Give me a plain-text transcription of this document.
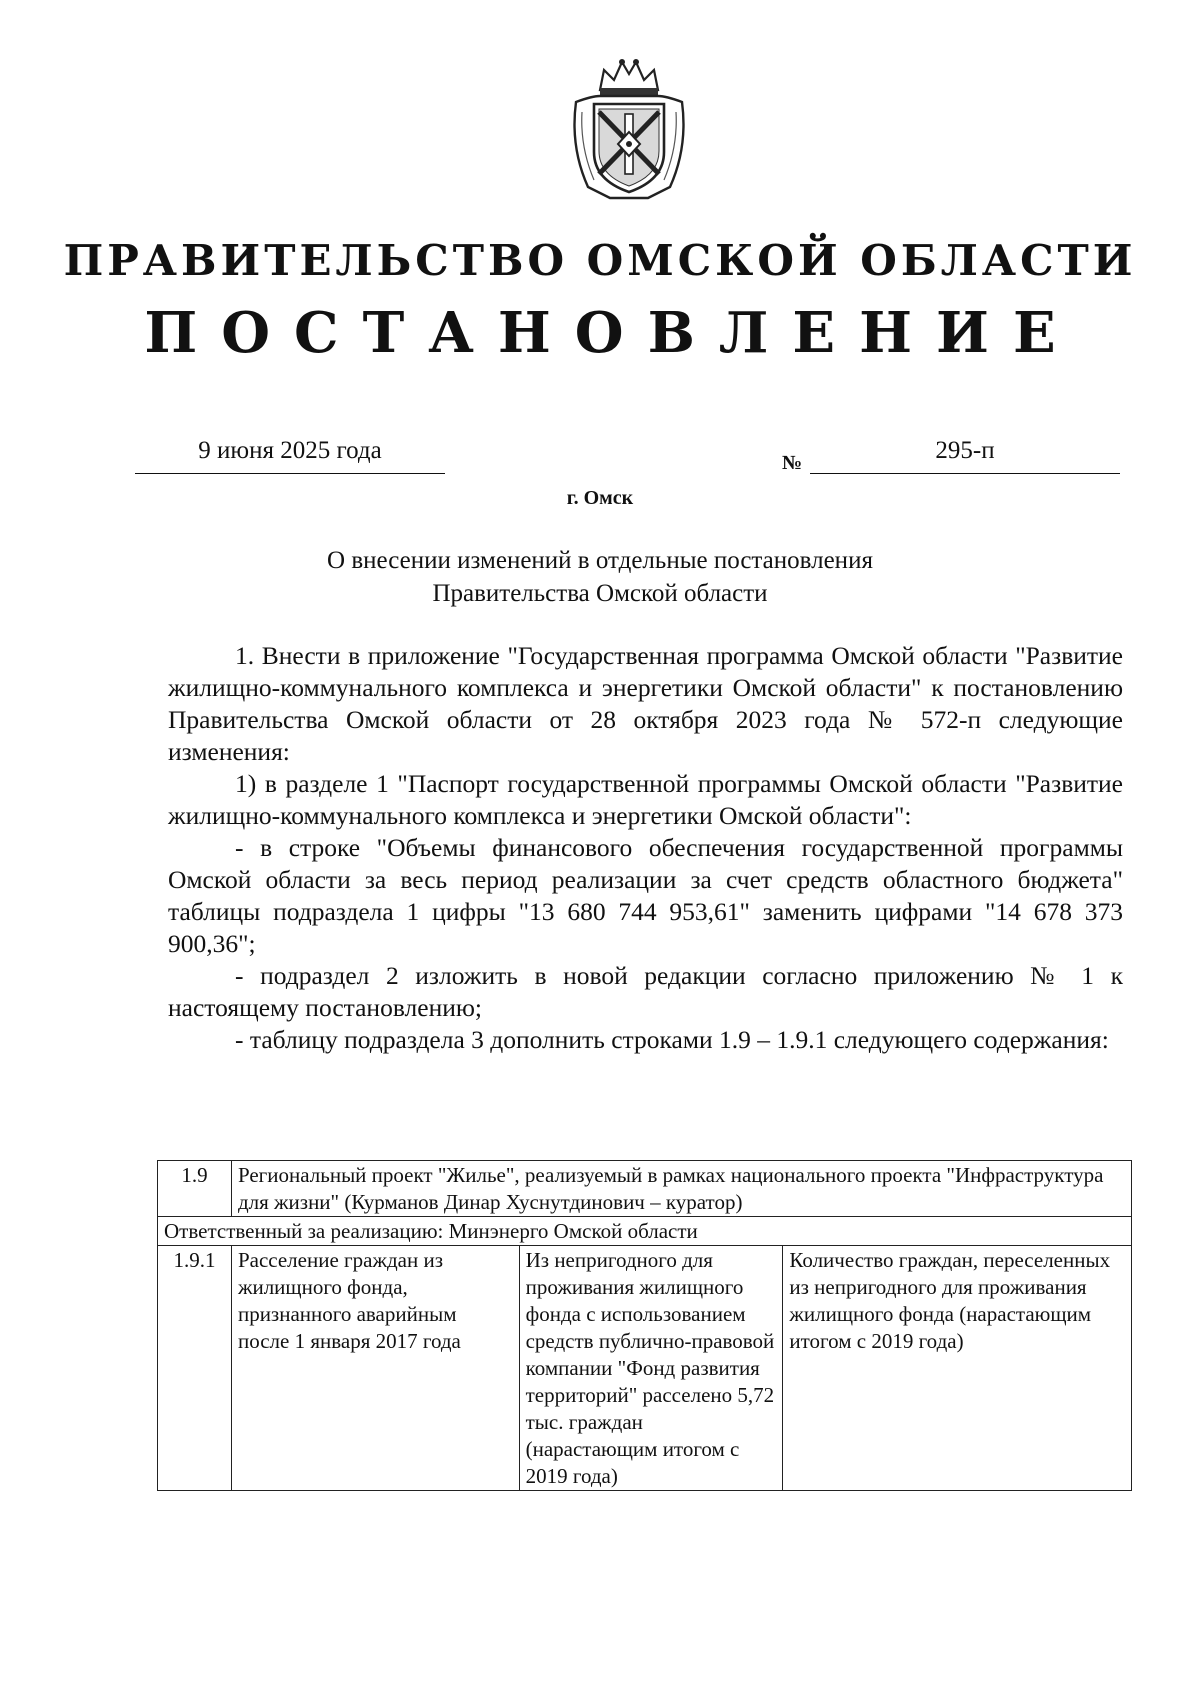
ПРАВИТЕЛЬСТВО ОМСКОЙ ОБЛАСТИ
ПОСТАНОВЛЕНИЕ
9 июня 2025 года	№	295-п
г. Омск
О внесении изменений в отдельные постановления
Правительства Омской области

1. Внести в приложение "Государственная программа Омской области "Развитие жилищно-коммунального комплекса и энергетики Омской области" к постановлению Правительства Омской области от 28 октября 2023 года № 572-п следующие изменения:

1) в разделе 1 "Паспорт государственной программы Омской области "Развитие жилищно-коммунального комплекса и энергетики Омской области":

- в строке "Объемы финансового обеспечения государственной программы Омской области за весь период реализации за счет средств областного бюджета" таблицы подраздела 1 цифры "13 680 744 953,61" заменить цифрами "14 678 373 900,36";

- подраздел 2 изложить в новой редакции согласно приложению № 1 к настоящему постановлению;

- таблицу подраздела 3 дополнить строками 1.9 – 1.9.1 следующего содержания:

1.9	Региональный проект "Жилье", реализуемый в рамках национального проекта "Инфраструктура для жизни" (Курманов Динар Хуснутдинович – куратор)		
Ответственный за реализацию: Минэнерго Омской области			
1.9.1	Расселение граждан из жилищного фонда, признанного аварийным после 1 января 2017 года	Из непригодного для проживания жилищного фонда с использованием средств публично-правовой компании "Фонд развития территорий" расселено 5,72 тыс. граждан (нарастающим итогом с 2019 года)	Количество граждан, переселенных из непригодного для проживания жилищного фонда (нарастающим итогом с 2019 года)
